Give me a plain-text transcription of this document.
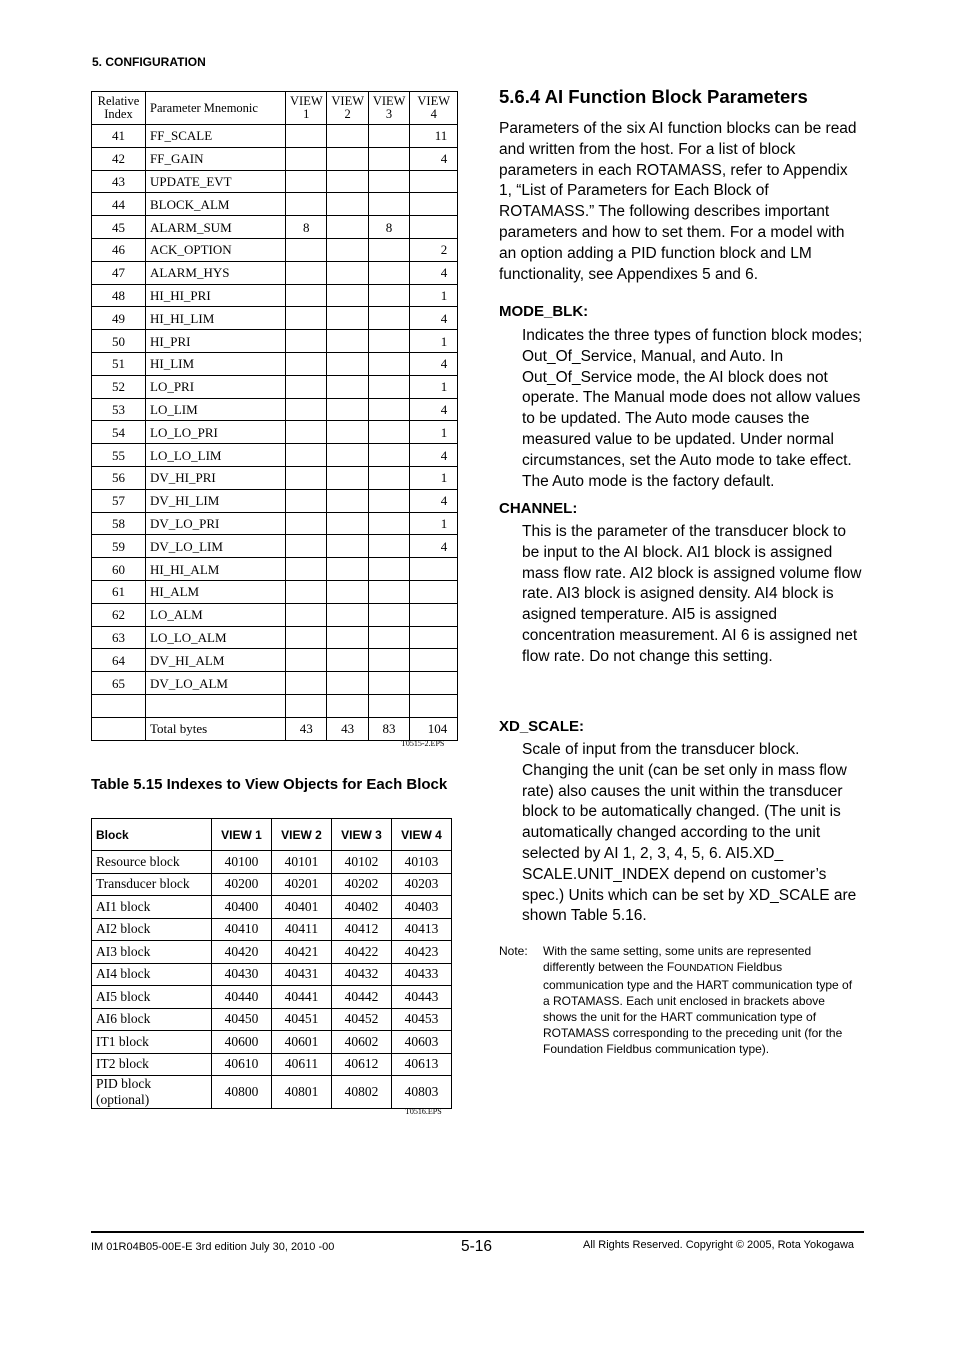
5. CONFIGURATION
Relative Index	Parameter Mnemonic	VIEW 1	VIEW 2	VIEW 3	VIEW 4
41	FF_SCALE				11
42	FF_GAIN				4
43	UPDATE_EVT				
44	BLOCK_ALM				
45	ALARM_SUM	8		8	
46	ACK_OPTION				2
47	ALARM_HYS				4
48	HI_HI_PRI				1
49	HI_HI_LIM				4
50	HI_PRI				1
51	HI_LIM				4
52	LO_PRI				1
53	LO_LIM				4
54	LO_LO_PRI				1
55	LO_LO_LIM				4
56	DV_HI_PRI				1
57	DV_HI_LIM				4
58	DV_LO_PRI				1
59	DV_LO_LIM				4
60	HI_HI_ALM				
61	HI_ALM				
62	LO_ALM				
63	LO_LO_ALM				
64	DV_HI_ALM				
65	DV_LO_ALM				

	Total bytes	43	43	83	104
T0515-2.EPS
Table 5.15 Indexes to View Objects for Each Block
Block	VIEW 1	VIEW 2	VIEW 3	VIEW 4
Resource block	40100	40101	40102	40103
Transducer block	40200	40201	40202	40203
AI1 block	40400	40401	40402	40403
AI2 block	40410	40411	40412	40413
AI3 block	40420	40421	40422	40423
AI4 block	40430	40431	40432	40433
AI5 block	40440	40441	40442	40443
AI6 block	40450	40451	40452	40453
IT1 block	40600	40601	40602	40603
IT2 block	40610	40611	40612	40613
PID block (optional)	40800	40801	40802	40803
T0516.EPS
5.6.4 AI Function Block Parameters
Parameters of the six AI function blocks can be read and written from the host. For a list of block parameters in each ROTAMASS, refer to Appendix 1, “List of Parameters for Each Block of ROTAMASS.” The following describes important parameters and how to set them. For a model with an option adding a PID function block and LM functionality, see Appendixes 5 and 6.
MODE_BLK:
Indicates the three types of function block modes; Out_Of_Service, Manual, and Auto. In Out_Of_Service mode, the AI block does not operate. The Manual mode does not allow values to be updated. The Auto mode causes the measured value to be updated. Under normal circumstances, set the Auto mode to take effect. The Auto mode is the factory default.
CHANNEL:
This is the parameter of the transducer block to be input to the AI block. AI1 block is assigned mass flow rate. AI2 block is assigned volume flow rate. AI3 block is asigned density. AI4 block is asigned temperature. AI5 is assigned concentration measurement. AI 6 is assigned net flow rate. Do not change this setting.
XD_SCALE:
Scale of input from the transducer block. Changing the unit (can be set only in mass flow rate) also causes the unit within the transducer block to be automatically changed. (The unit is automatically changed according to the unit selected by AI 1, 2, 3, 4, 5, 6. AI5.XD_ SCALE.UNIT_INDEX depend on customer’s spec.) Units which can be set by XD_SCALE are shown Table 5.16.
Note: With the same setting, some units are represented differently between the FOUNDATION Fieldbus communication type and the HART communication type of a ROTAMASS. Each unit enclosed in brackets above shows the unit for the HART communication type of ROTAMASS corresponding to the preceding unit (for the Foundation Fieldbus communication type).
IM 01R04B05-00E-E 3rd edition July 30, 2010 -00	5-16	All Rights Reserved. Copyright © 2005, Rota Yokogawa
